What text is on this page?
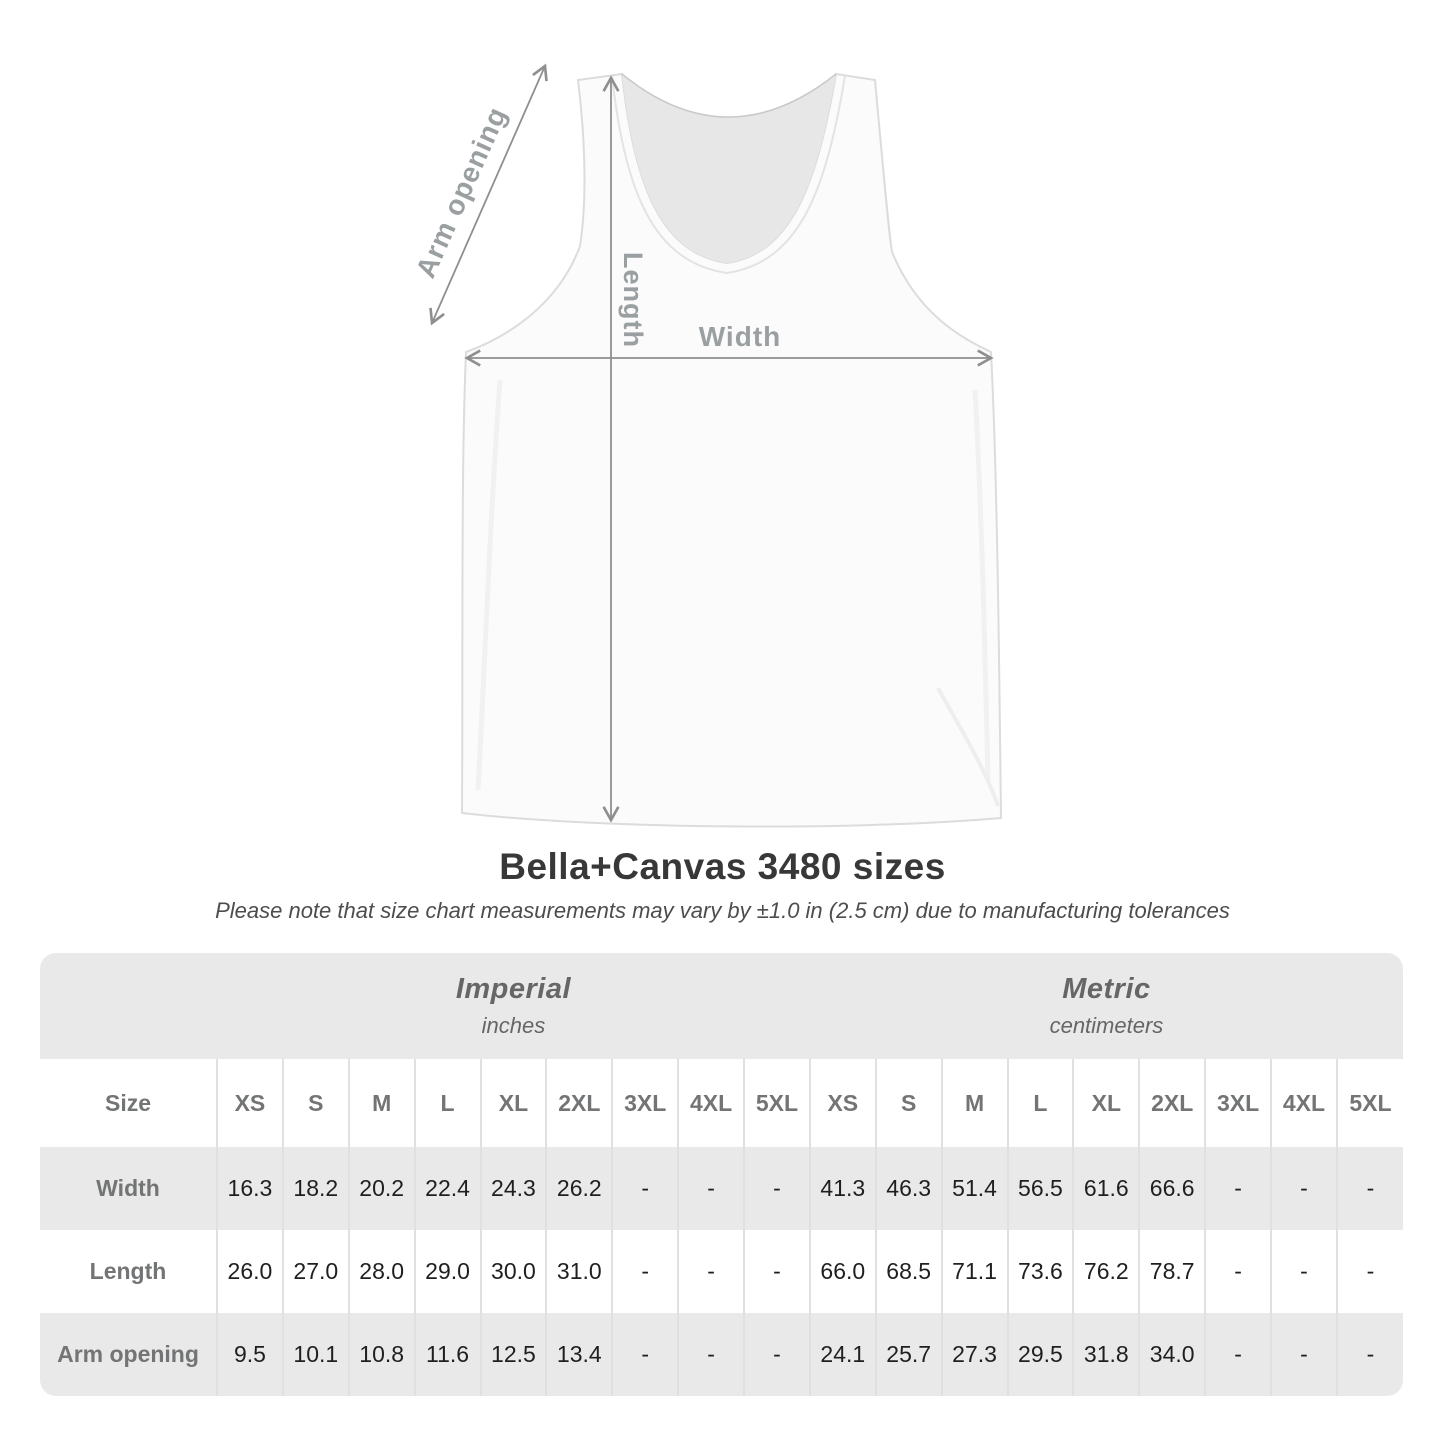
Arm opening
Length Width
Bella+Canvas 3480 sizes
Please note that size chart measurements may vary by ±1.0 in (2.5 cm) due to manufacturing tolerances

Imperial
inches

Metric
centimeters

Size	XS	S	M	L	XL	2XL	3XL	4XL	5XL	XS	S	M	L	XL	2XL	3XL	4XL	5XL
Width	16.3	18.2	20.2	22.4	24.3	26.2	-	-	-	41.3	46.3	51.4	56.5	61.6	66.6	-	-	-
Length	26.0	27.0	28.0	29.0	30.0	31.0	-	-	-	66.0	68.5	71.1	73.6	76.2	78.7	-	-	-
Arm opening	9.5	10.1	10.8	11.6	12.5	13.4	-	-	-	24.1	25.7	27.3	29.5	31.8	34.0	-	-	-
